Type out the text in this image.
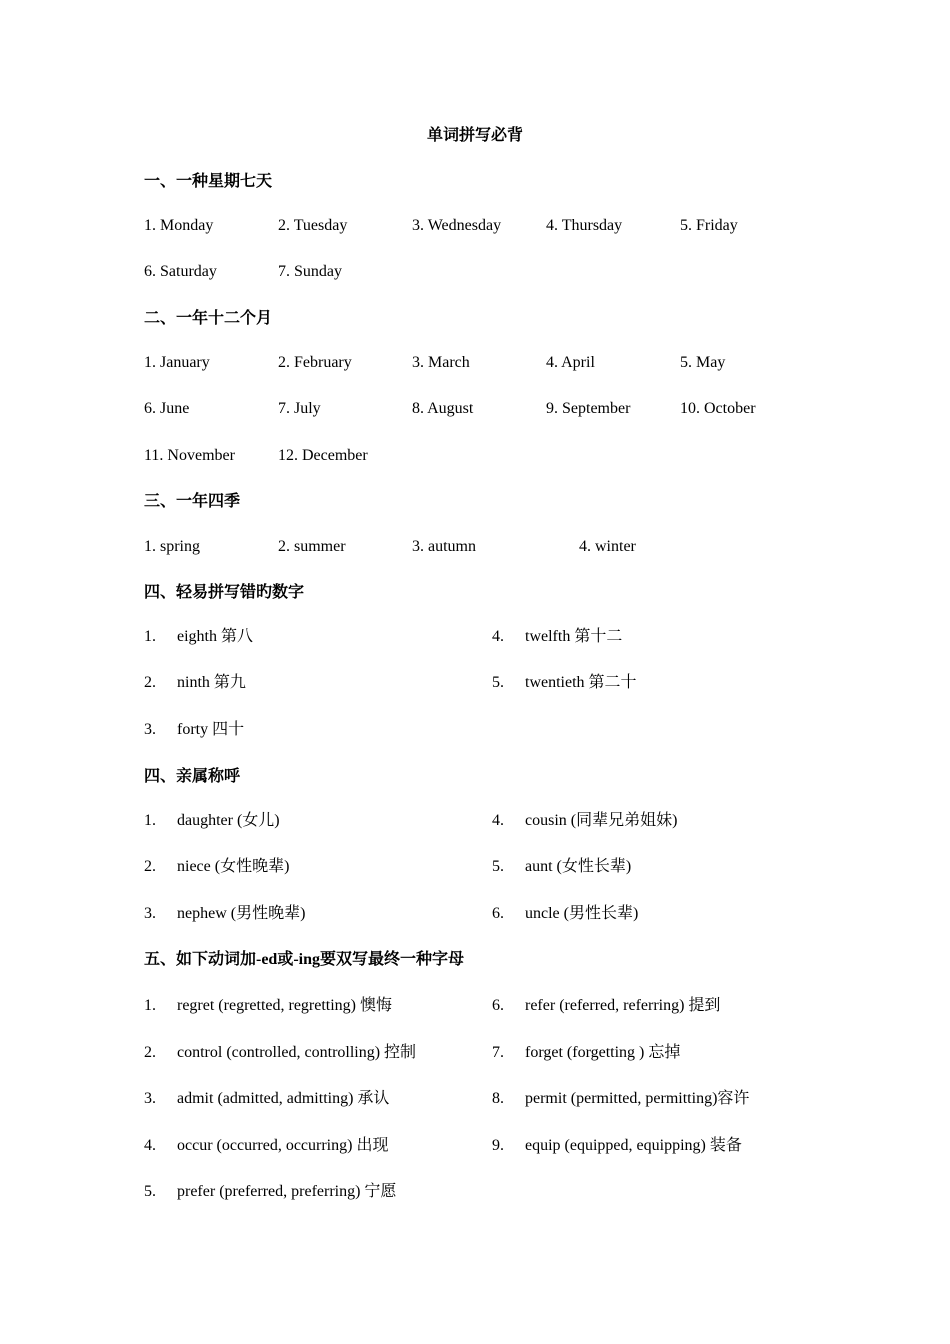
单词拼写必背
一、一种星期七天
1. Monday	2. Tuesday	3. Wednesday	4. Thursday	5. Friday
6. Saturday	7. Sunday
二、一年十二个月
1. January	2. February	3. March	4. April	5. May
6. June	7. July	8. August	9. September	10. October
11. November	12. December
三、一年四季
1. spring	2. summer	3. autumn	4. winter
四、轻易拼写错旳数字
1. eighth 第八
2. ninth 第九
3. forty 四十
4. twelfth 第十二
5. twentieth 第二十
四、亲属称呼
1. daughter (女儿)
2. niece (女性晚辈)
3. nephew (男性晚辈)
4. cousin (同辈兄弟姐妹)
5. aunt (女性长辈)
6. uncle (男性长辈)
五、如下动词加-ed或-ing要双写最终一种字母
1. regret (regretted, regretting) 懊悔
2. control (controlled, controlling) 控制
3. admit (admitted, admitting) 承认
4. occur (occurred, occurring) 出现
5. prefer (preferred, preferring) 宁愿
6. refer (referred, referring) 提到
7. forget (forgetting ) 忘掉
8. permit (permitted, permitting)容许
9. equip (equipped, equipping) 装备
